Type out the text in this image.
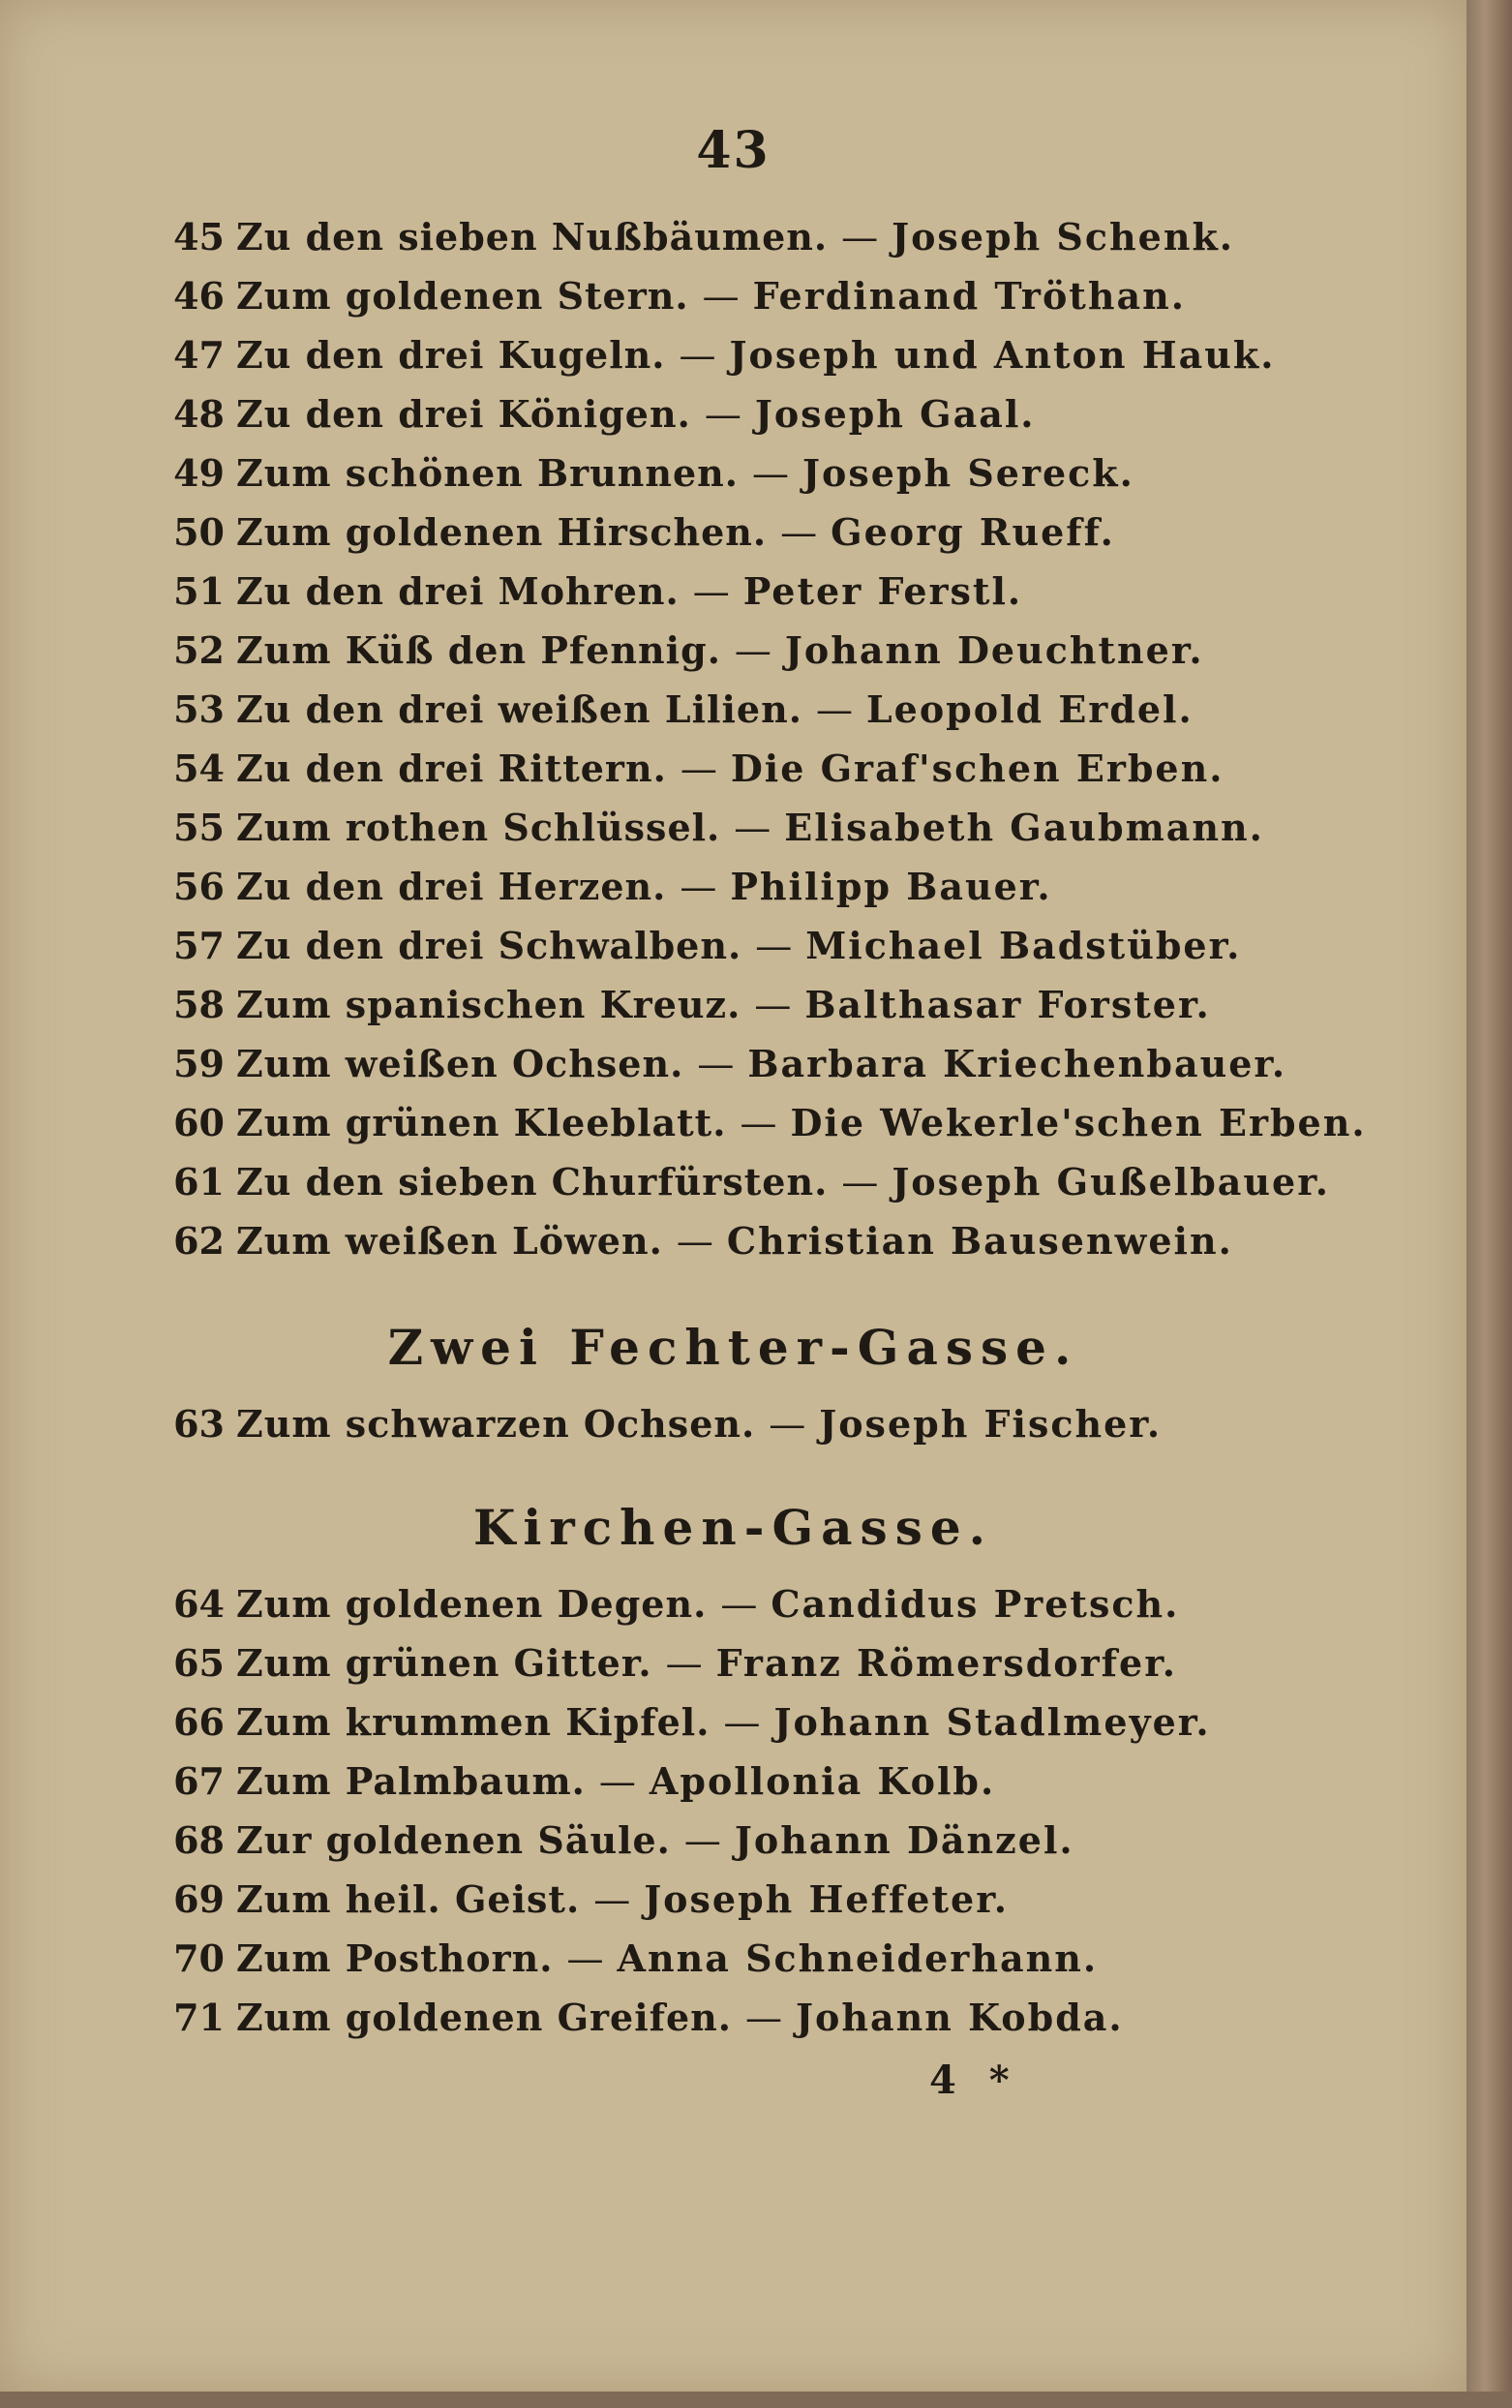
43
45 Zu den sieben Nußbäumen. — Joseph Schenk.
46 Zum goldenen Stern. — Ferdinand Tröthan.
47 Zu den drei Kugeln. — Joseph und Anton Hauk.
48 Zu den drei Königen. — Joseph Gaal.
49 Zum schönen Brunnen. — Joseph Sereck.
50 Zum goldenen Hirschen. — Georg Rueff.
51 Zu den drei Mohren. — Peter Ferstl.
52 Zum Küß den Pfennig. — Johann Deuchtner.
53 Zu den drei weißen Lilien. — Leopold Erdel.
54 Zu den drei Rittern. — Die Graf'schen Erben.
55 Zum rothen Schlüssel. — Elisabeth Gaubmann.
56 Zu den drei Herzen. — Philipp Bauer.
57 Zu den drei Schwalben. — Michael Badstüber.
58 Zum spanischen Kreuz. — Balthasar Forster.
59 Zum weißen Ochsen. — Barbara Kriechenbauer.
60 Zum grünen Kleeblatt. — Die Wekerle'schen Erben.
61 Zu den sieben Churfürsten. — Joseph Gußelbauer.
62 Zum weißen Löwen. — Christian Bausenwein.
Zwei Fechter-Gasse.
63 Zum schwarzen Ochsen. — Joseph Fischer.
Kirchen-Gasse.
64 Zum goldenen Degen. — Candidus Pretsch.
65 Zum grünen Gitter. — Franz Römersdorfer.
66 Zum krummen Kipfel. — Johann Stadlmeyer.
67 Zum Palmbaum. — Apollonia Kolb.
68 Zur goldenen Säule. — Johann Dänzel.
69 Zum heil. Geist. — Joseph Heffeter.
70 Zum Posthorn. — Anna Schneiderhann.
71 Zum goldenen Greifen. — Johann Kobda.
4 *
